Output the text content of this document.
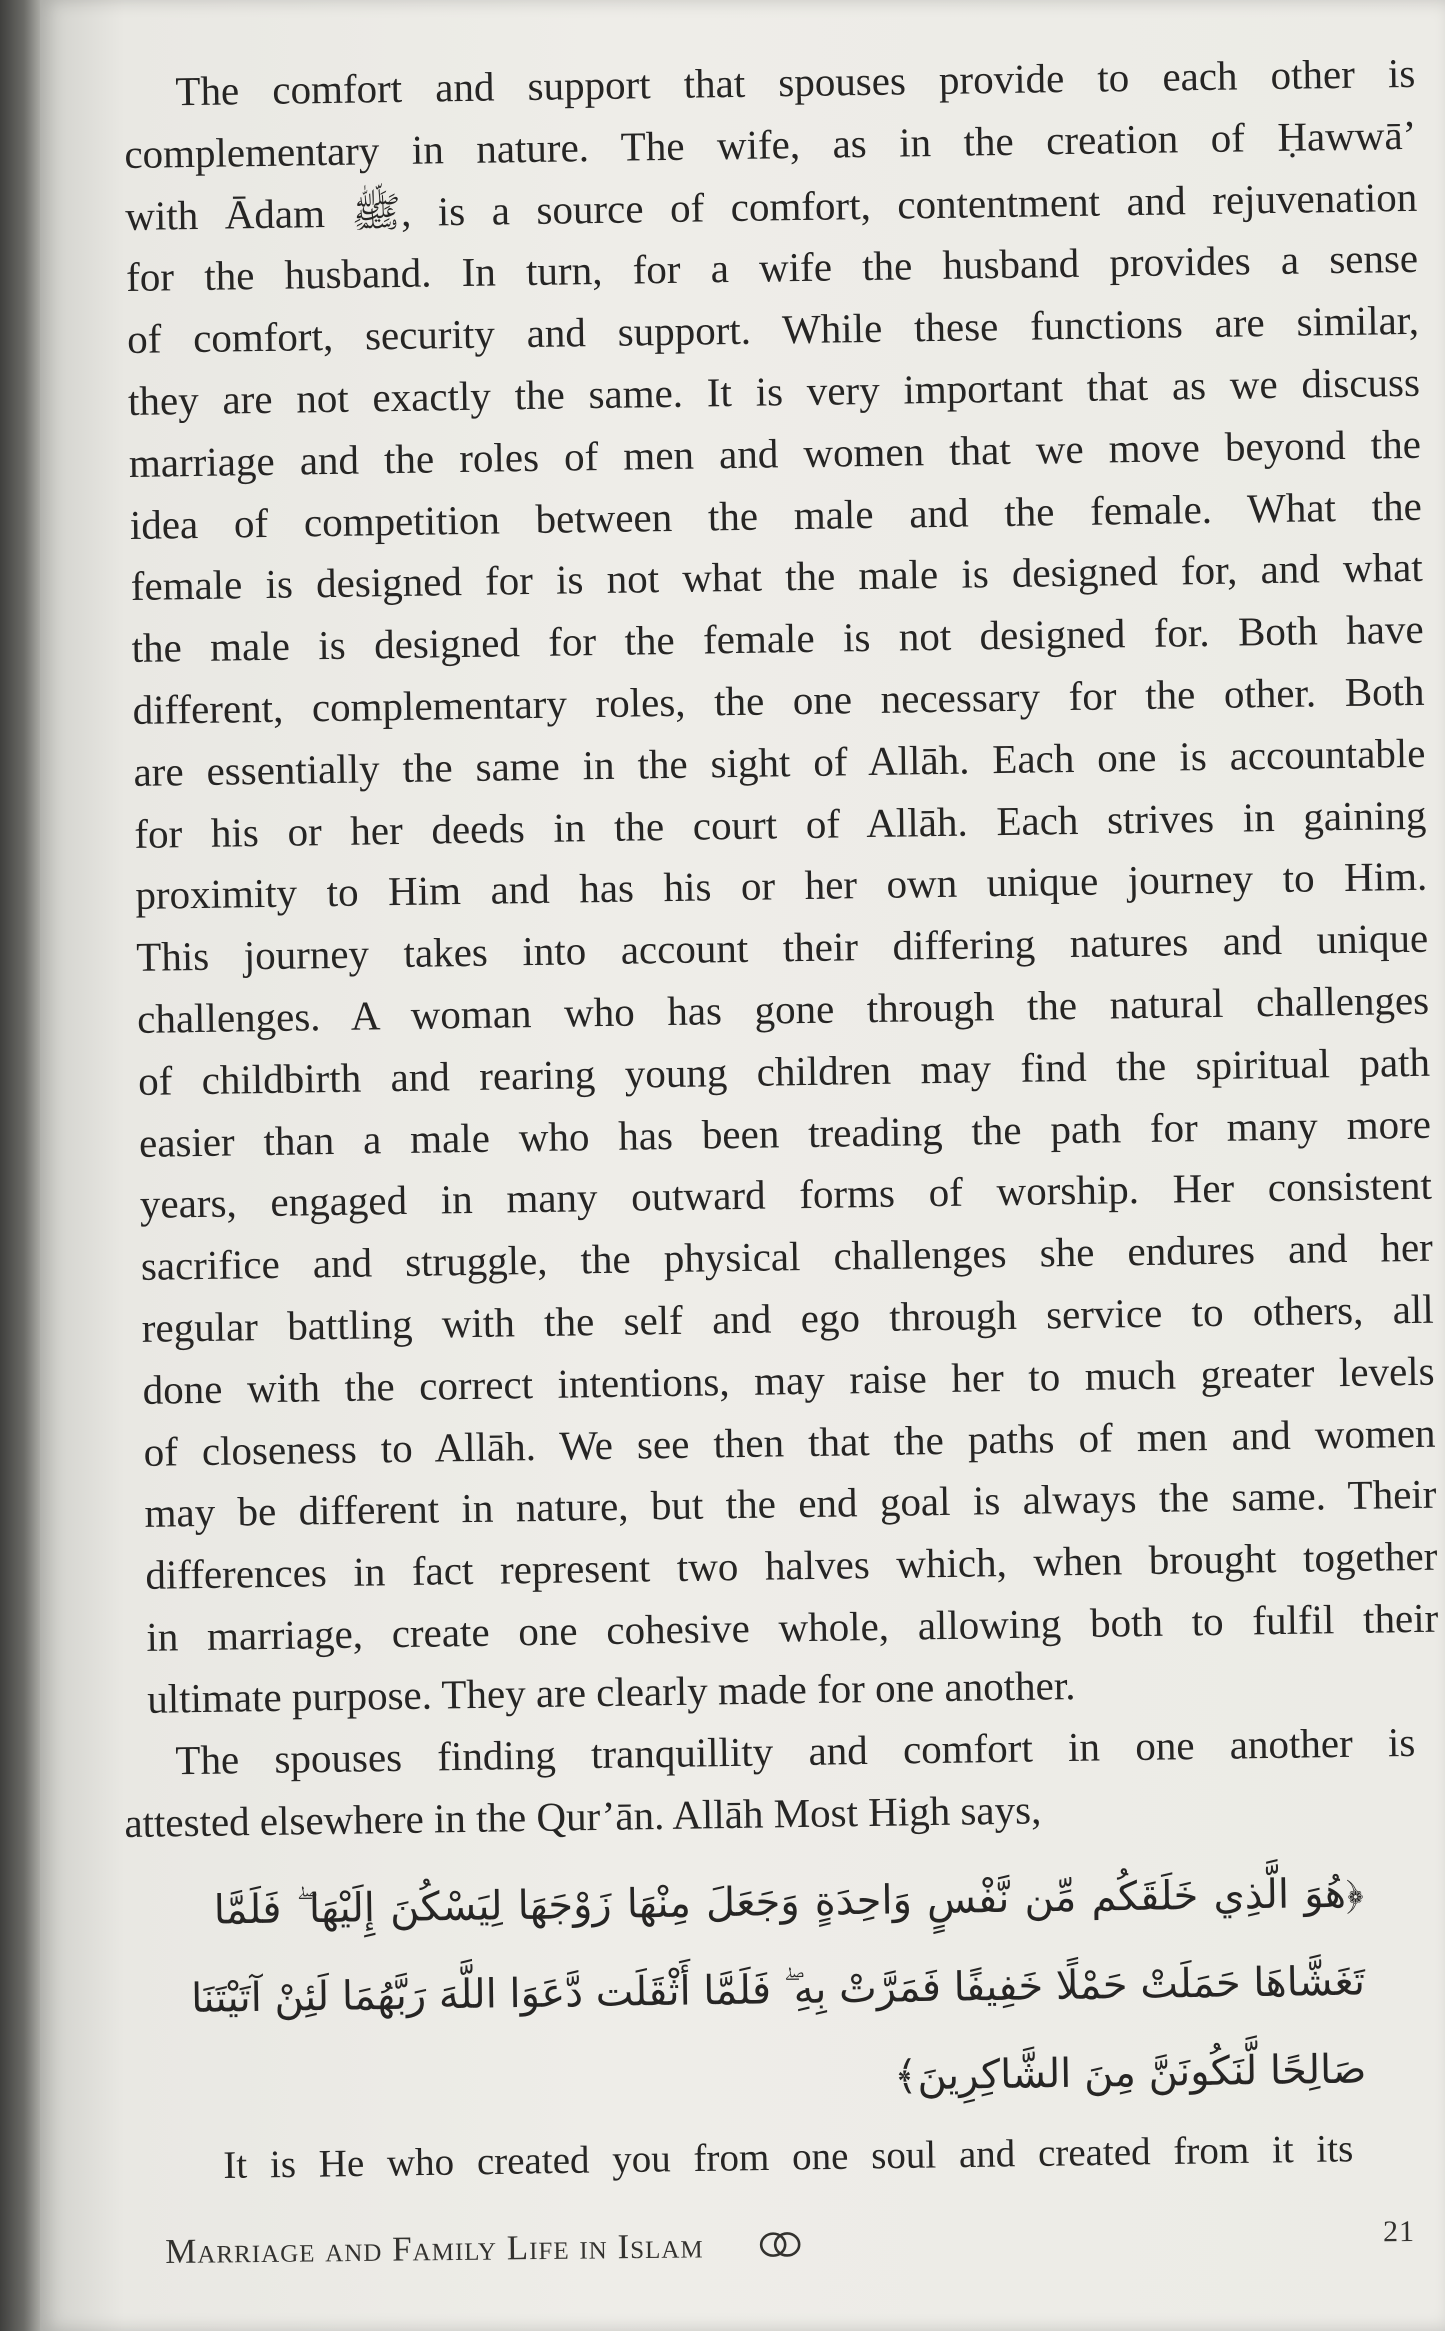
The comfort and support that spouses provide to each other is
complementary in nature. The wife, as in the creation of Ḥawwā’
with Ādam ﷺ, is a source of comfort, contentment and rejuvenation
for the husband. In turn, for a wife the husband provides a sense
of comfort, security and support. While these functions are similar,
they are not exactly the same. It is very important that as we discuss
marriage and the roles of men and women that we move beyond the
idea of competition between the male and the female. What the
female is designed for is not what the male is designed for, and what
the male is designed for the female is not designed for. Both have
different, complementary roles, the one necessary for the other. Both
are essentially the same in the sight of Allāh. Each one is accountable
for his or her deeds in the court of Allāh. Each strives in gaining
proximity to Him and has his or her own unique journey to Him.
This journey takes into account their differing natures and unique
challenges. A woman who has gone through the natural challenges
of childbirth and rearing young children may find the spiritual path
easier than a male who has been treading the path for many more
years, engaged in many outward forms of worship. Her consistent
sacrifice and struggle, the physical challenges she endures and her
regular battling with the self and ego through service to others, all
done with the correct intentions, may raise her to much greater levels
of closeness to Allāh. We see then that the paths of men and women
may be different in nature, but the end goal is always the same. Their
differences in fact represent two halves which, when brought together
in marriage, create one cohesive whole, allowing both to fulfil their
ultimate purpose. They are clearly made for one another.
The spouses finding tranquillity and comfort in one another is
attested elsewhere in the Qur’ān. Allāh Most High says,
﴿هُوَ الَّذِي خَلَقَكُم مِّن نَّفْسٍ وَاحِدَةٍ وَجَعَلَ مِنْهَا زَوْجَهَا لِيَسْكُنَ إِلَيْهَا ۖ فَلَمَّا
تَغَشَّاهَا حَمَلَتْ حَمْلًا خَفِيفًا فَمَرَّتْ بِهِ ۖ فَلَمَّا أَثْقَلَت دَّعَوَا اللَّهَ رَبَّهُمَا لَئِنْ آتَيْتَنَا
صَالِحًا لَّنَكُونَنَّ مِنَ الشَّاكِرِينَ﴾
It is He who created you from one soul and created from it its
Marriage and Family Life in Islam	21
